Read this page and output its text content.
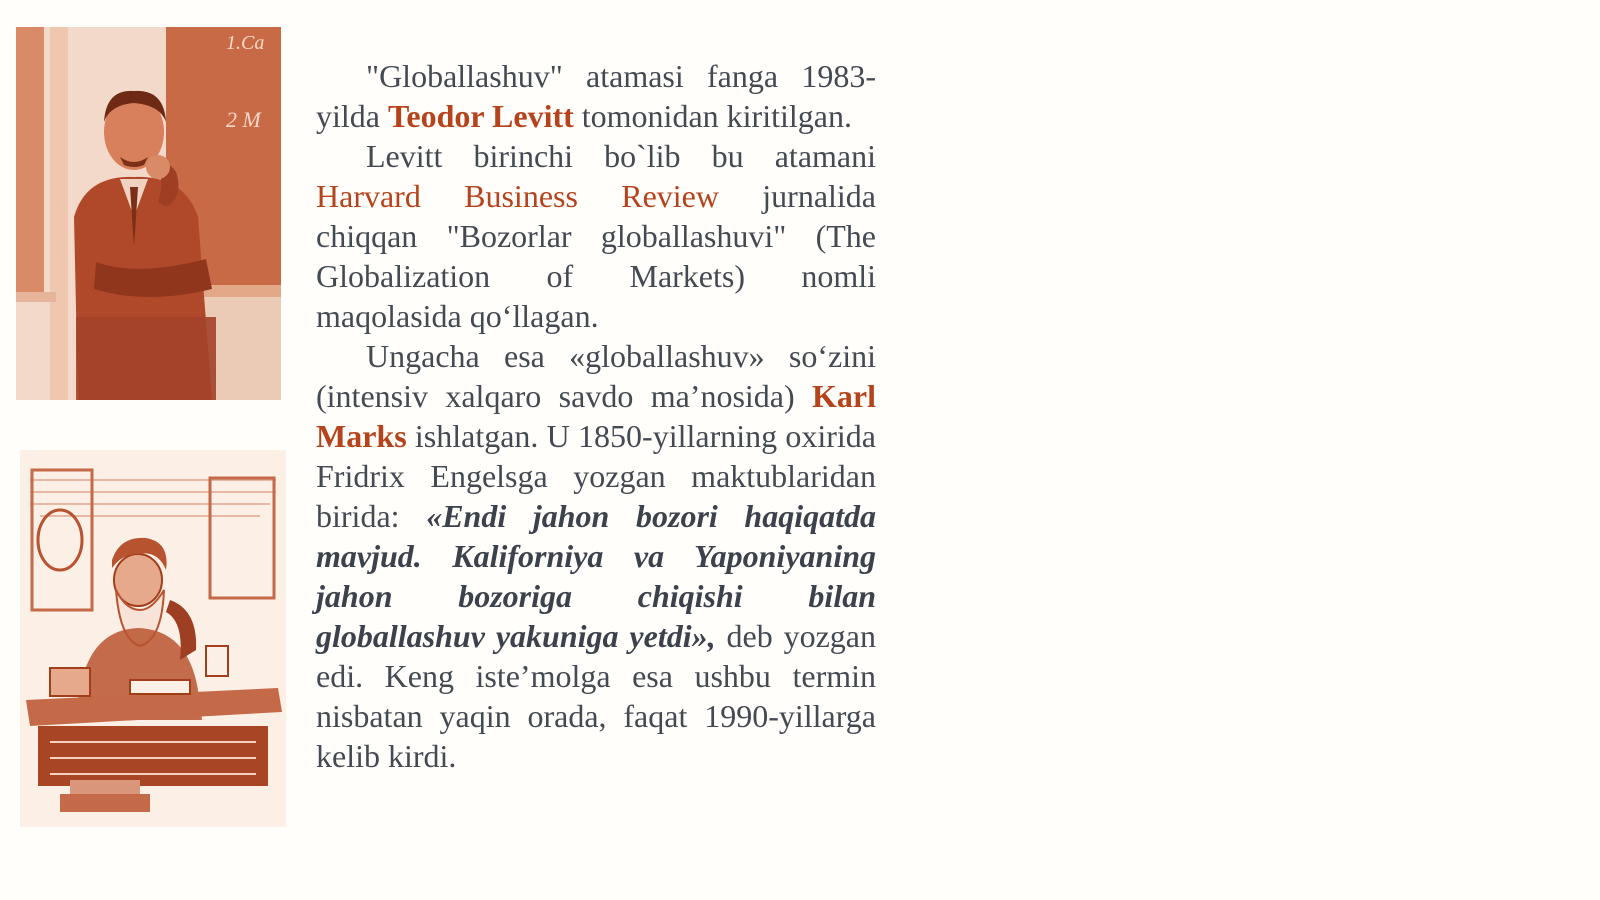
1.Ca
2 M

"Globallashuv" atamasi fanga 1983-yilda Teodor Levitt tomonidan kiritilgan.

Levitt birinchi bo`lib bu atamani Harvard Business Review jurnalida chiqqan "Bozorlar globallashuvi" (The Globalization of Markets) nomli maqolasida qo‘llagan.

Ungacha esa «globallashuv» so‘zini (intensiv xalqaro savdo ma’nosida) Karl Marks ishlatgan. U 1850-yillarning oxirida Fridrix Engelsga yozgan maktublaridan birida: «Endi jahon bozori haqiqatda mavjud. Kaliforniya va Yaponiyaning jahon bozoriga chiqishi bilan globallashuv yakuniga yetdi», deb yozgan edi. Keng iste’molga esa ushbu termin nisbatan yaqin orada, faqat 1990-yillarga kelib kirdi.
